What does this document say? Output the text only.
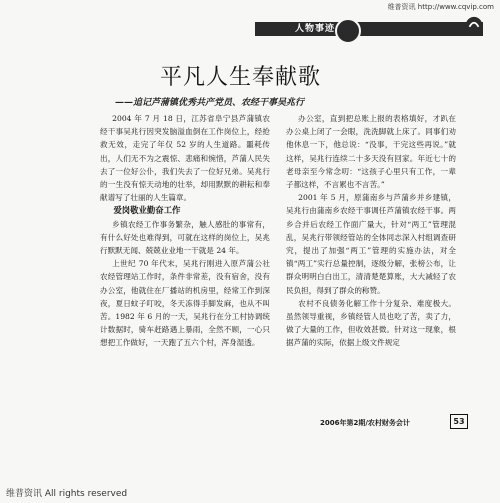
维普资讯 http://www.cqvip.com
人物事迹
平凡人生奉献歌
——追记芦蒲镇优秀共产党员、农经干事吴兆行

2004 年 7 月 18 日，江苏省阜宁县芦蒲镇农经干事吴兆行因突发脑溢血倒在工作岗位上，经抢救无效，走完了年仅 52 岁的人生道路。噩耗传出，人们无不为之震惊、悲痛和惋惜，芦蒲人民失去了一位好公仆，我们失去了一位好兄弟。吴兆行的一生没有惊天动地的壮举，却用默默的耕耘和奉献谱写了壮丽的人生篇章。

爱岗敬业勤奋工作

乡镇农经工作事务繁杂，触人感肚的事常有，有什么好处也难得到，可就在这样的岗位上，吴兆行默默无闻、兢兢业业地一干就是 24 年。

上世纪 70 年代末，吴兆行刚进入原芦蒲公社农经管理站工作时，条件非常差，没有宿舍，没有办公室，他就住在厂播站的机房里，经常工作到深夜，夏日蚊子叮咬，冬天冻得手脚发麻，也从不叫苦。1982 年 6 月的一天，吴兆行在分工村协调统计数据时，骑车赶路遇上暴雨，全然不顾，一心只想把工作做好，一天跑了五六个村，浑身湿透。

办公室，直到把总账上报的表格填好，才趴在办公桌上闭了一会眼，洗洗脚就上床了。同事们劝他休息一下，他总说：“没事，干完这些再说。”就这样，吴兆行连续二十多天没有回家。年近七十的老母亲至今常念叨：“这孩子心里只有工作，一辈子都这样，不言累也不言苦。”

2001 年 5 月，原蒲南乡与芦蒲乡并乡建镇，吴兆行由蒲南乡农经干事调任芦蒲镇农经干事。两乡合并后农经工作面广量大，针对“两工”管理混乱，吴兆行带领经管站的全体同志深入村组调查研究，提出了加强“两工”管理的实施办法，对全镇“两工”实行总量控制，逐级分解，张榜公布，让群众明明白白出工，清清楚楚算账，大大减轻了农民负担，得到了群众的称赞。

农村不良债务化解工作十分复杂、难度极大。虽然领导重视，乡镇经管人员也吃了苦，卖了力，做了大量的工作，但收效甚微。针对这一现象，根据芦蒲的实际，依据上级文件规定

2006年第2期/农村财务会计	53
维普资讯 All rights reserved
